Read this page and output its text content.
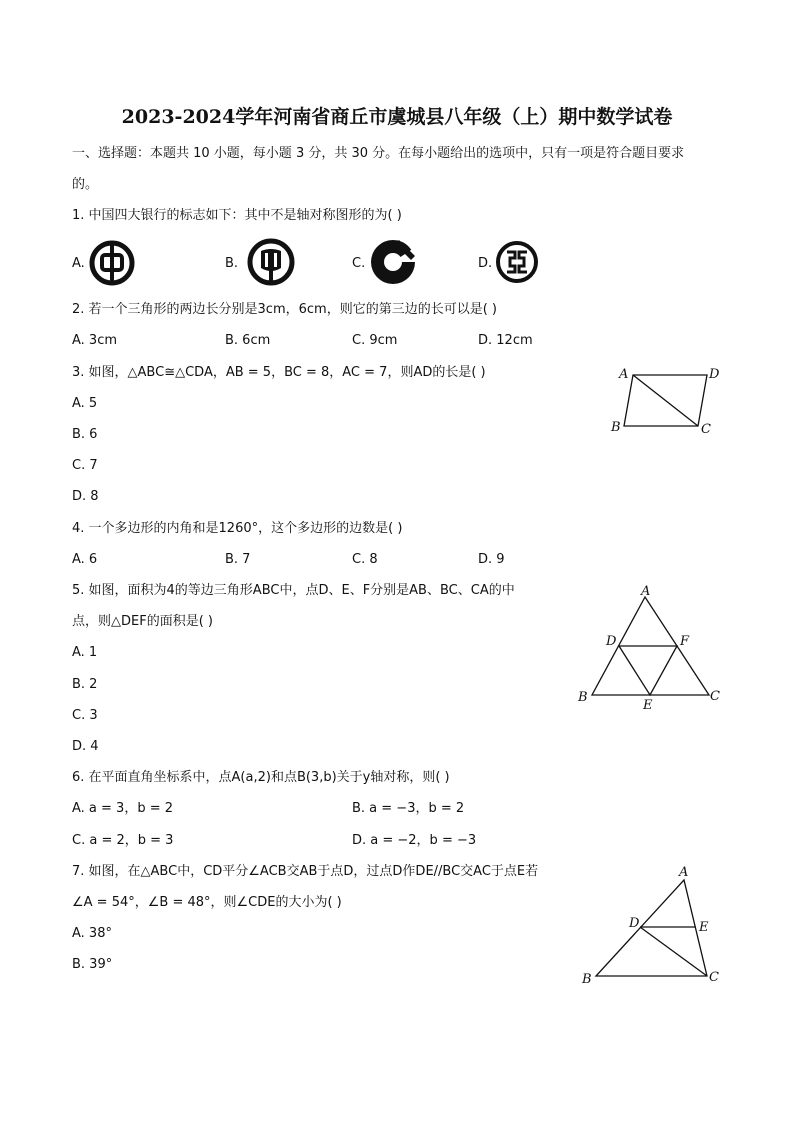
2023-2024学年河南省商丘市虞城县八年级（上）期中数学试卷
一、选择题：本题共 10 小题，每小题 3 分，共 30 分。在每小题给出的选项中，只有一项是符合题目要求
的。
1. 中国四大银行的标志如下：其中不是轴对称图形的为( )
A.	B.	C.	D.
2. 若一个三角形的两边长分别是3cm，6cm，则它的第三边的长可以是( )
A. 3cm	B. 6cm	C. 9cm	D. 12cm
3. 如图，△ABC≅△CDA，AB = 5，BC = 8，AC = 7，则AD的长是( )
A. 5
B. 6
C. 7
D. 8
A	D
B	C
4. 一个多边形的内角和是1260°，这个多边形的边数是( )
A. 6	B. 7	C. 8	D. 9
5. 如图，面积为4的等边三角形ABC中，点D、E、F分别是AB、BC、CA的中
点，则△DEF的面积是( )
A. 1
B. 2
C. 3
D. 4
A
D	F
B
E
C
6. 在平面直角坐标系中，点A(a,2)和点B(3,b)关于y轴对称，则( )
A. a = 3，b = 2	B. a = −3，b = 2
C. a = 2，b = 3	D. a = −2，b = −3
7. 如图，在△ABC中，CD平分∠ACB交AB于点D，过点D作DE//BC交AC于点E若
∠A = 54°，∠B = 48°，则∠CDE的大小为( )
A. 38°
B. 39°
A
D	E
B	C
